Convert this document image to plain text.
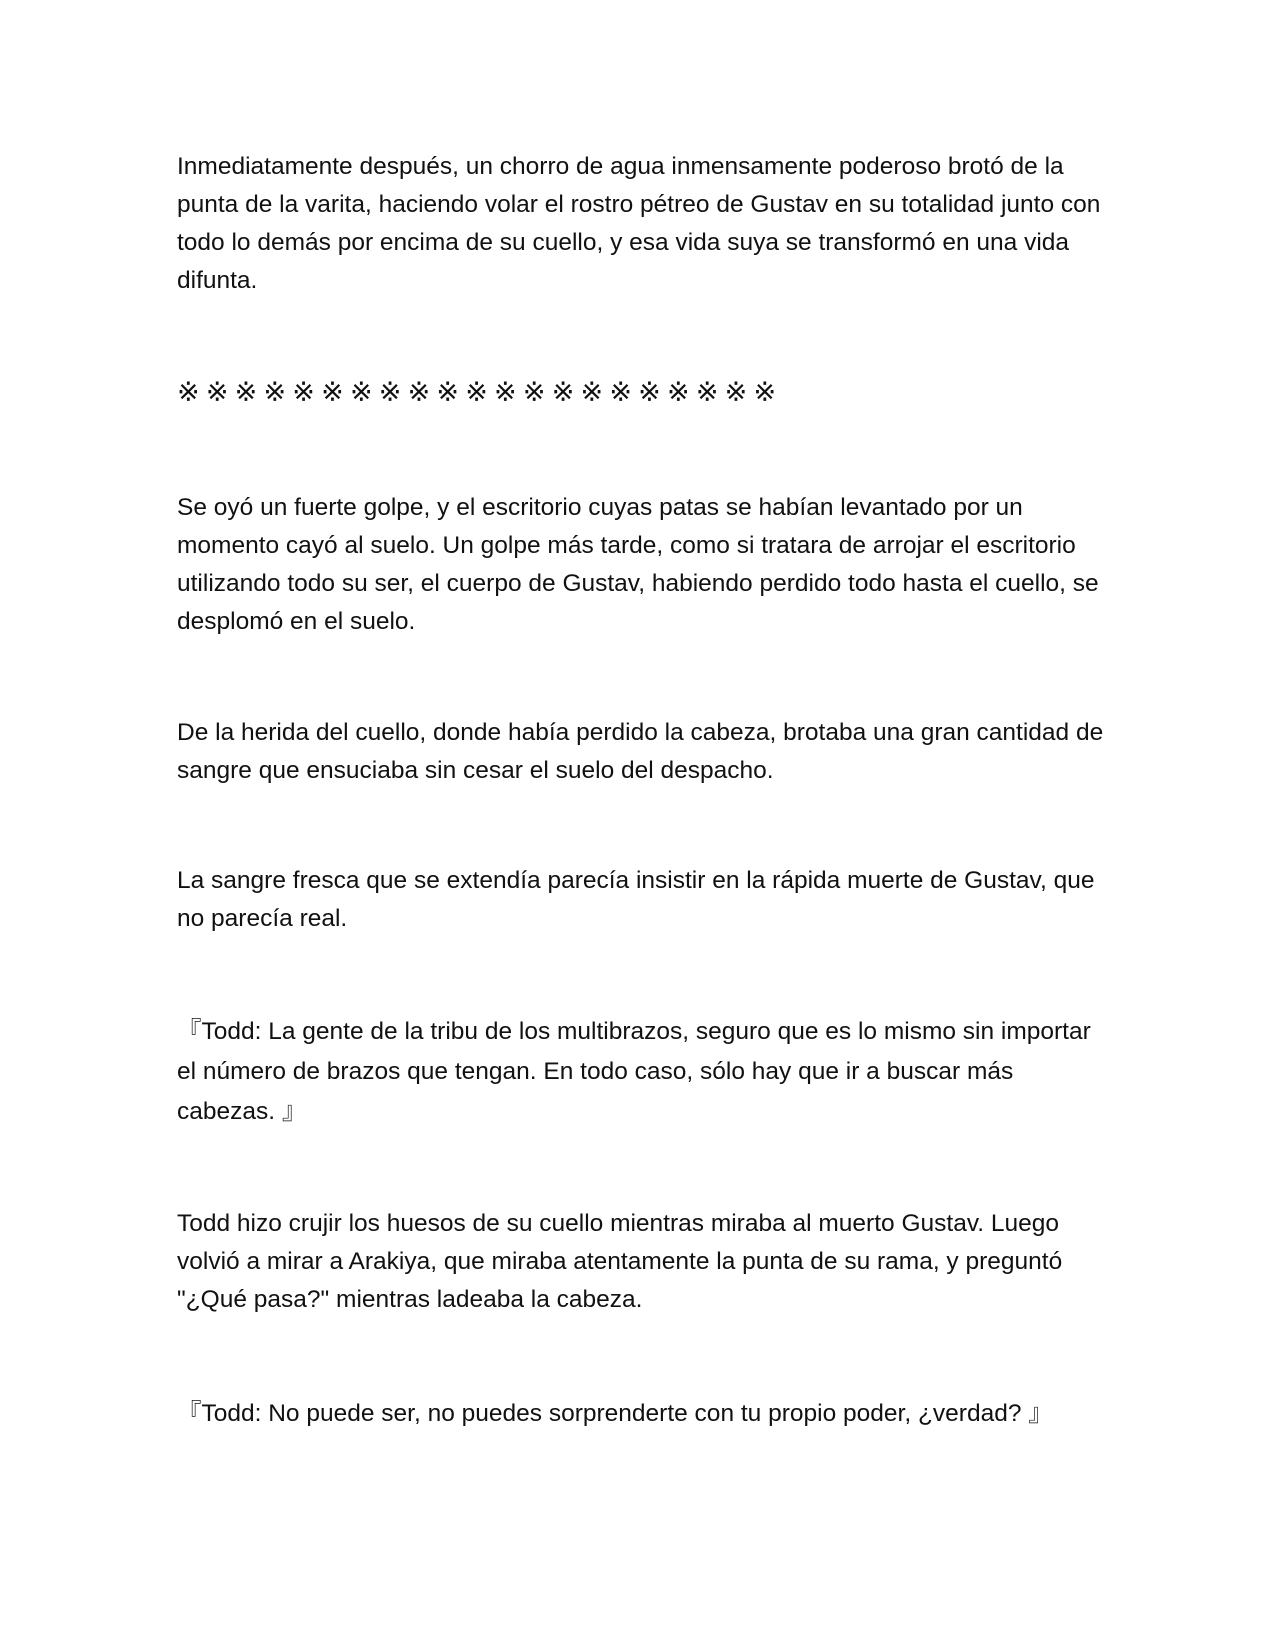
Inmediatamente después, un chorro de agua inmensamente poderoso brotó de la punta de la varita, haciendo volar el rostro pétreo de Gustav en su totalidad junto con todo lo demás por encima de su cuello, y esa vida suya se transformó en una vida difunta.

※※※※※※※※※※※※※※※※※※※※※

Se oyó un fuerte golpe, y el escritorio cuyas patas se habían levantado por un momento cayó al suelo. Un golpe más tarde, como si tratara de arrojar el escritorio utilizando todo su ser, el cuerpo de Gustav, habiendo perdido todo hasta el cuello, se desplomó en el suelo.

De la herida del cuello, donde había perdido la cabeza, brotaba una gran cantidad de sangre que ensuciaba sin cesar el suelo del despacho.

La sangre fresca que se extendía parecía insistir en la rápida muerte de Gustav, que no parecía real.

『Todd: La gente de la tribu de los multibrazos, seguro que es lo mismo sin importar el número de brazos que tengan. En todo caso, sólo hay que ir a buscar más cabezas. 』

Todd hizo crujir los huesos de su cuello mientras miraba al muerto Gustav. Luego volvió a mirar a Arakiya, que miraba atentamente la punta de su rama, y preguntó "¿Qué pasa?" mientras ladeaba la cabeza.

『Todd: No puede ser, no puedes sorprenderte con tu propio poder, ¿verdad? 』
